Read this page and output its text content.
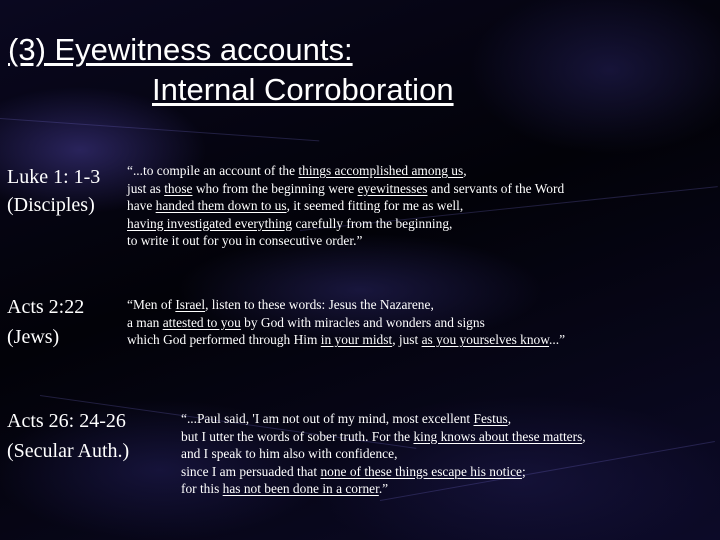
(3) Eyewitness accounts:
Internal Corroboration
Luke 1: 1-3
(Disciples)
“...to compile an account of the things accomplished among us,
just as those who from the beginning were eyewitnesses and servants of the Word
have handed them down to us, it seemed fitting for me as well,
having investigated everything carefully from the beginning,
to write it out for you in consecutive order.”
Acts 2:22
(Jews)
“Men of Israel, listen to these words: Jesus the Nazarene,
a man attested to you by God with miracles and wonders and signs
which God performed through Him in your midst, just as you yourselves know...”
Acts 26: 24-26
(Secular Auth.)
“...Paul said, 'I am not out of my mind, most excellent Festus,
but I utter the words of sober truth. For the king knows about these matters,
and I speak to him also with confidence,
since I am persuaded that none of these things escape his notice;
for this has not been done in a corner.”
